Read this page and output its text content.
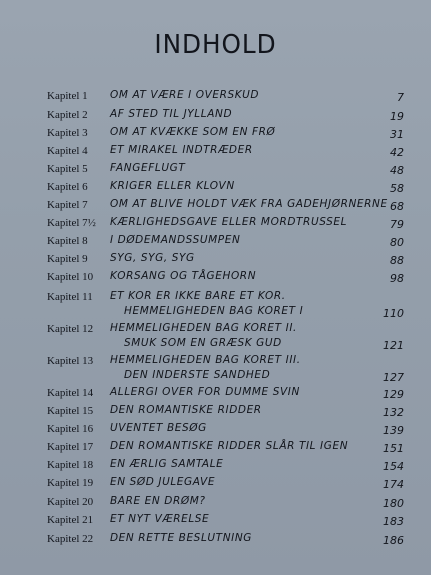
INDHOLD
Kapitel 1 OM AT VÆRE I OVERSKUD	7
Kapitel 2 AF STED TIL JYLLAND	19
Kapitel 3 OM AT KVÆKKE SOM EN FRØ	31
Kapitel 4 ET MIRAKEL INDTRÆDER	42
Kapitel 5 FANGEFLUGT	48
Kapitel 6 KRIGER ELLER KLOVN	58
Kapitel 7 OM AT BLIVE HOLDT VÆK FRA GADEHJØRNERNE 68
Kapitel 7½ KÆRLIGHEDSGAVE ELLER MORDTRUSSEL	79
Kapitel 8 I DØDEMANDSSUMPEN	80
Kapitel 9 SYG, SYG, SYG	88
Kapitel 10 KORSANG OG TÅGEHORN	98
Kapitel 11 ET KOR ER IKKE BARE ET KOR.
HEMMELIGHEDEN BAG KORET I	110
Kapitel 12 HEMMELIGHEDEN BAG KORET II.
SMUK SOM EN GRÆSK GUD	121
Kapitel 13 HEMMELIGHEDEN BAG KORET III.
DEN INDERSTE SANDHED	127
Kapitel 14 ALLERGI OVER FOR DUMME SVIN	129
Kapitel 15 DEN ROMANTISKE RIDDER	132
Kapitel 16 UVENTET BESØG	139
Kapitel 17 DEN ROMANTISKE RIDDER SLÅR TIL IGEN	151
Kapitel 18 EN ÆRLIG SAMTALE	154
Kapitel 19 EN SØD JULEGAVE	174
Kapitel 20 BARE EN DRØM?	180
Kapitel 21 ET NYT VÆRELSE	183
Kapitel 22 DEN RETTE BESLUTNING	186
